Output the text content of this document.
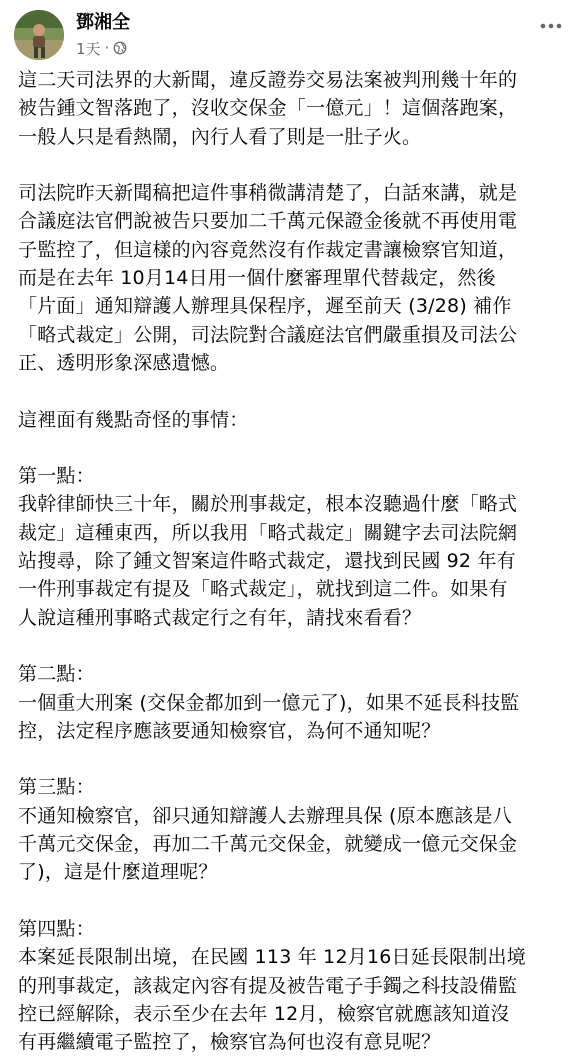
鄧湘全
1天 ·
這二天司法界的大新聞，違反證券交易法案被判刑幾十年的
被告鍾文智落跑了，沒收交保金「一億元」！這個落跑案，
一般人只是看熱鬧，內行人看了則是一肚子火。
司法院昨天新聞稿把這件事稍微講清楚了，白話來講，就是
合議庭法官們說被告只要加二千萬元保證金後就不再使用電
子監控了，但這樣的內容竟然沒有作裁定書讓檢察官知道，
而是在去年 10月14日用一個什麼審理單代替裁定，然後
「片面」通知辯護人辦理具保程序，遲至前天 (3/28) 補作
「略式裁定」公開，司法院對合議庭法官們嚴重損及司法公
正、透明形象深感遺憾。
這裡面有幾點奇怪的事情：
第一點：
我幹律師快三十年，關於刑事裁定，根本沒聽過什麼「略式
裁定」這種東西，所以我用「略式裁定」關鍵字去司法院網
站搜尋，除了鍾文智案這件略式裁定，還找到民國 92 年有
一件刑事裁定有提及「略式裁定」，就找到這二件。如果有
人說這種刑事略式裁定行之有年，請找來看看？
第二點：
一個重大刑案 (交保金都加到一億元了)，如果不延長科技監
控，法定程序應該要通知檢察官，為何不通知呢？
第三點：
不通知檢察官，卻只通知辯護人去辦理具保 (原本應該是八
千萬元交保金，再加二千萬元交保金，就變成一億元交保金
了)，這是什麼道理呢？
第四點：
本案延長限制出境，在民國 113 年 12月16日延長限制出境
的刑事裁定，該裁定內容有提及被告電子手鐲之科技設備監
控已經解除，表示至少在去年 12月，檢察官就應該知道沒
有再繼續電子監控了，檢察官為何也沒有意見呢？
